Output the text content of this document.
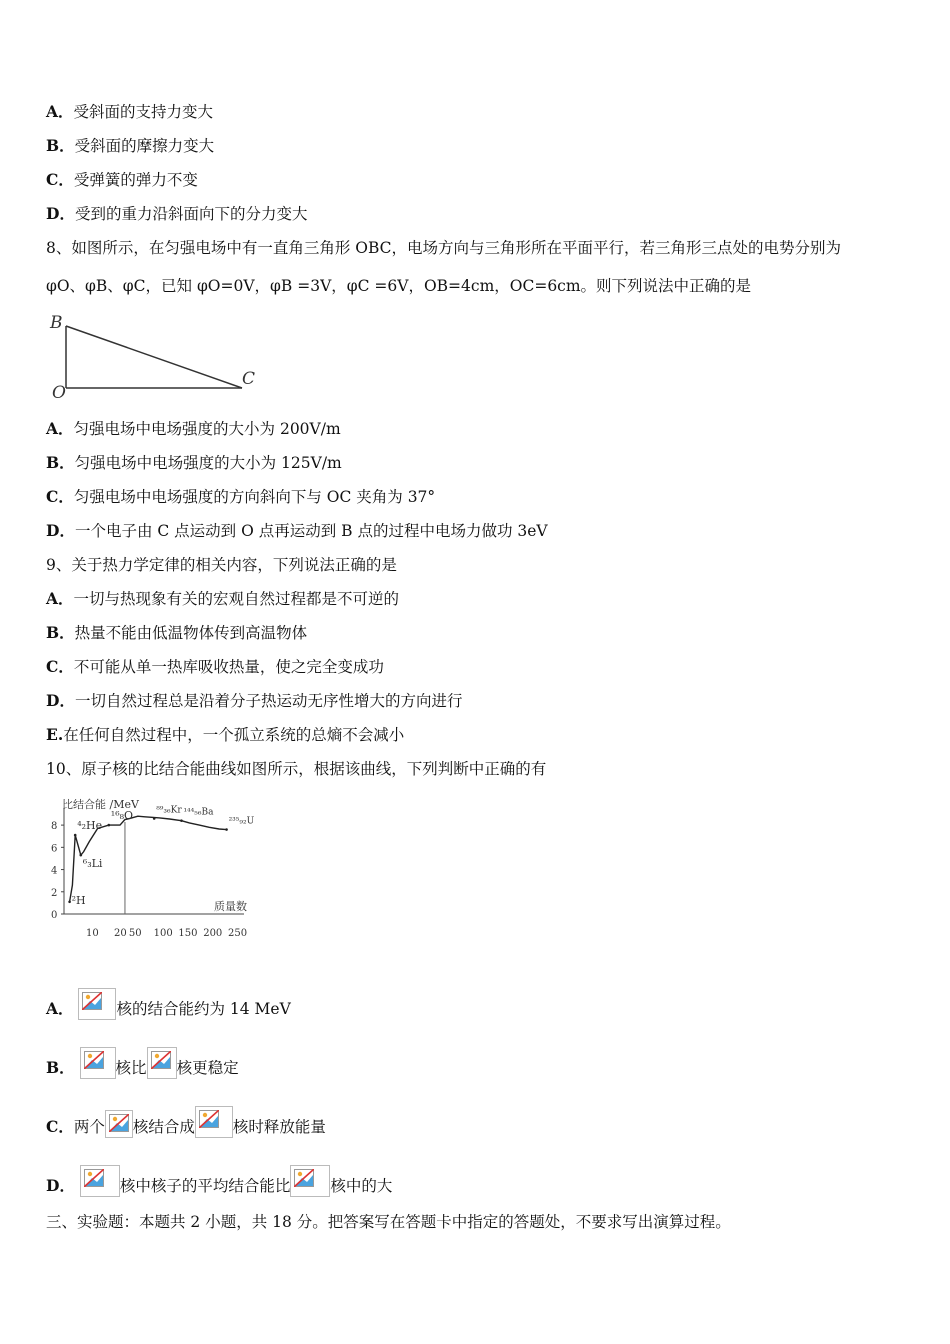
A．受斜面的支持力变大
B．受斜面的摩擦力变大
C．受弹簧的弹力不变
D．受到的重力沿斜面向下的分力变大
8、如图所示，在匀强电场中有一直角三角形 OBC，电场方向与三角形所在平面平行，若三角形三点处的电势分别为
φO、φB、φC，已知 φO=0V，φB =3V，φC =6V，OB=4cm，OC=6cm。则下列说法中正确的是
B
O
C
A．匀强电场中电场强度的大小为 200V/m
B．匀强电场中电场强度的大小为 125V/m
C．匀强电场中电场强度的方向斜向下与 OC 夹角为 37°
D．一个电子由 C 点运动到 O 点再运动到 B 点的过程中电场力做功 3eV
9、关于热力学定律的相关内容，下列说法正确的是
A．一切与热现象有关的宏观自然过程都是不可逆的
B．热量不能由低温物体传到高温物体
C．不可能从单一热库吸收热量，使之完全变成功
D．一切自然过程总是沿着分子热运动无序性增大的方向进行
E.在任何自然过程中，一个孤立系统的总熵不会减小
10、原子核的比结合能曲线如图所示，根据该曲线，下列判断中正确的有
比结合能 /MeV
质量数
0
2
4
6
8
10 20 50 100 150 200 250
²H
⁶₃Li
⁴₂He
¹⁶₈O	⁸⁹₃₆Kr ¹⁴⁴₅₆Ba
²³⁵₉₂U
A．	核的结合能约为 14 MeV
B．	核比 核更稳定
C．两个 核结合成 核时释放能量
D．	核中核子的平均结合能比	核中的大
三、实验题：本题共 2 小题，共 18 分。把答案写在答题卡中指定的答题处，不要求写出演算过程。
